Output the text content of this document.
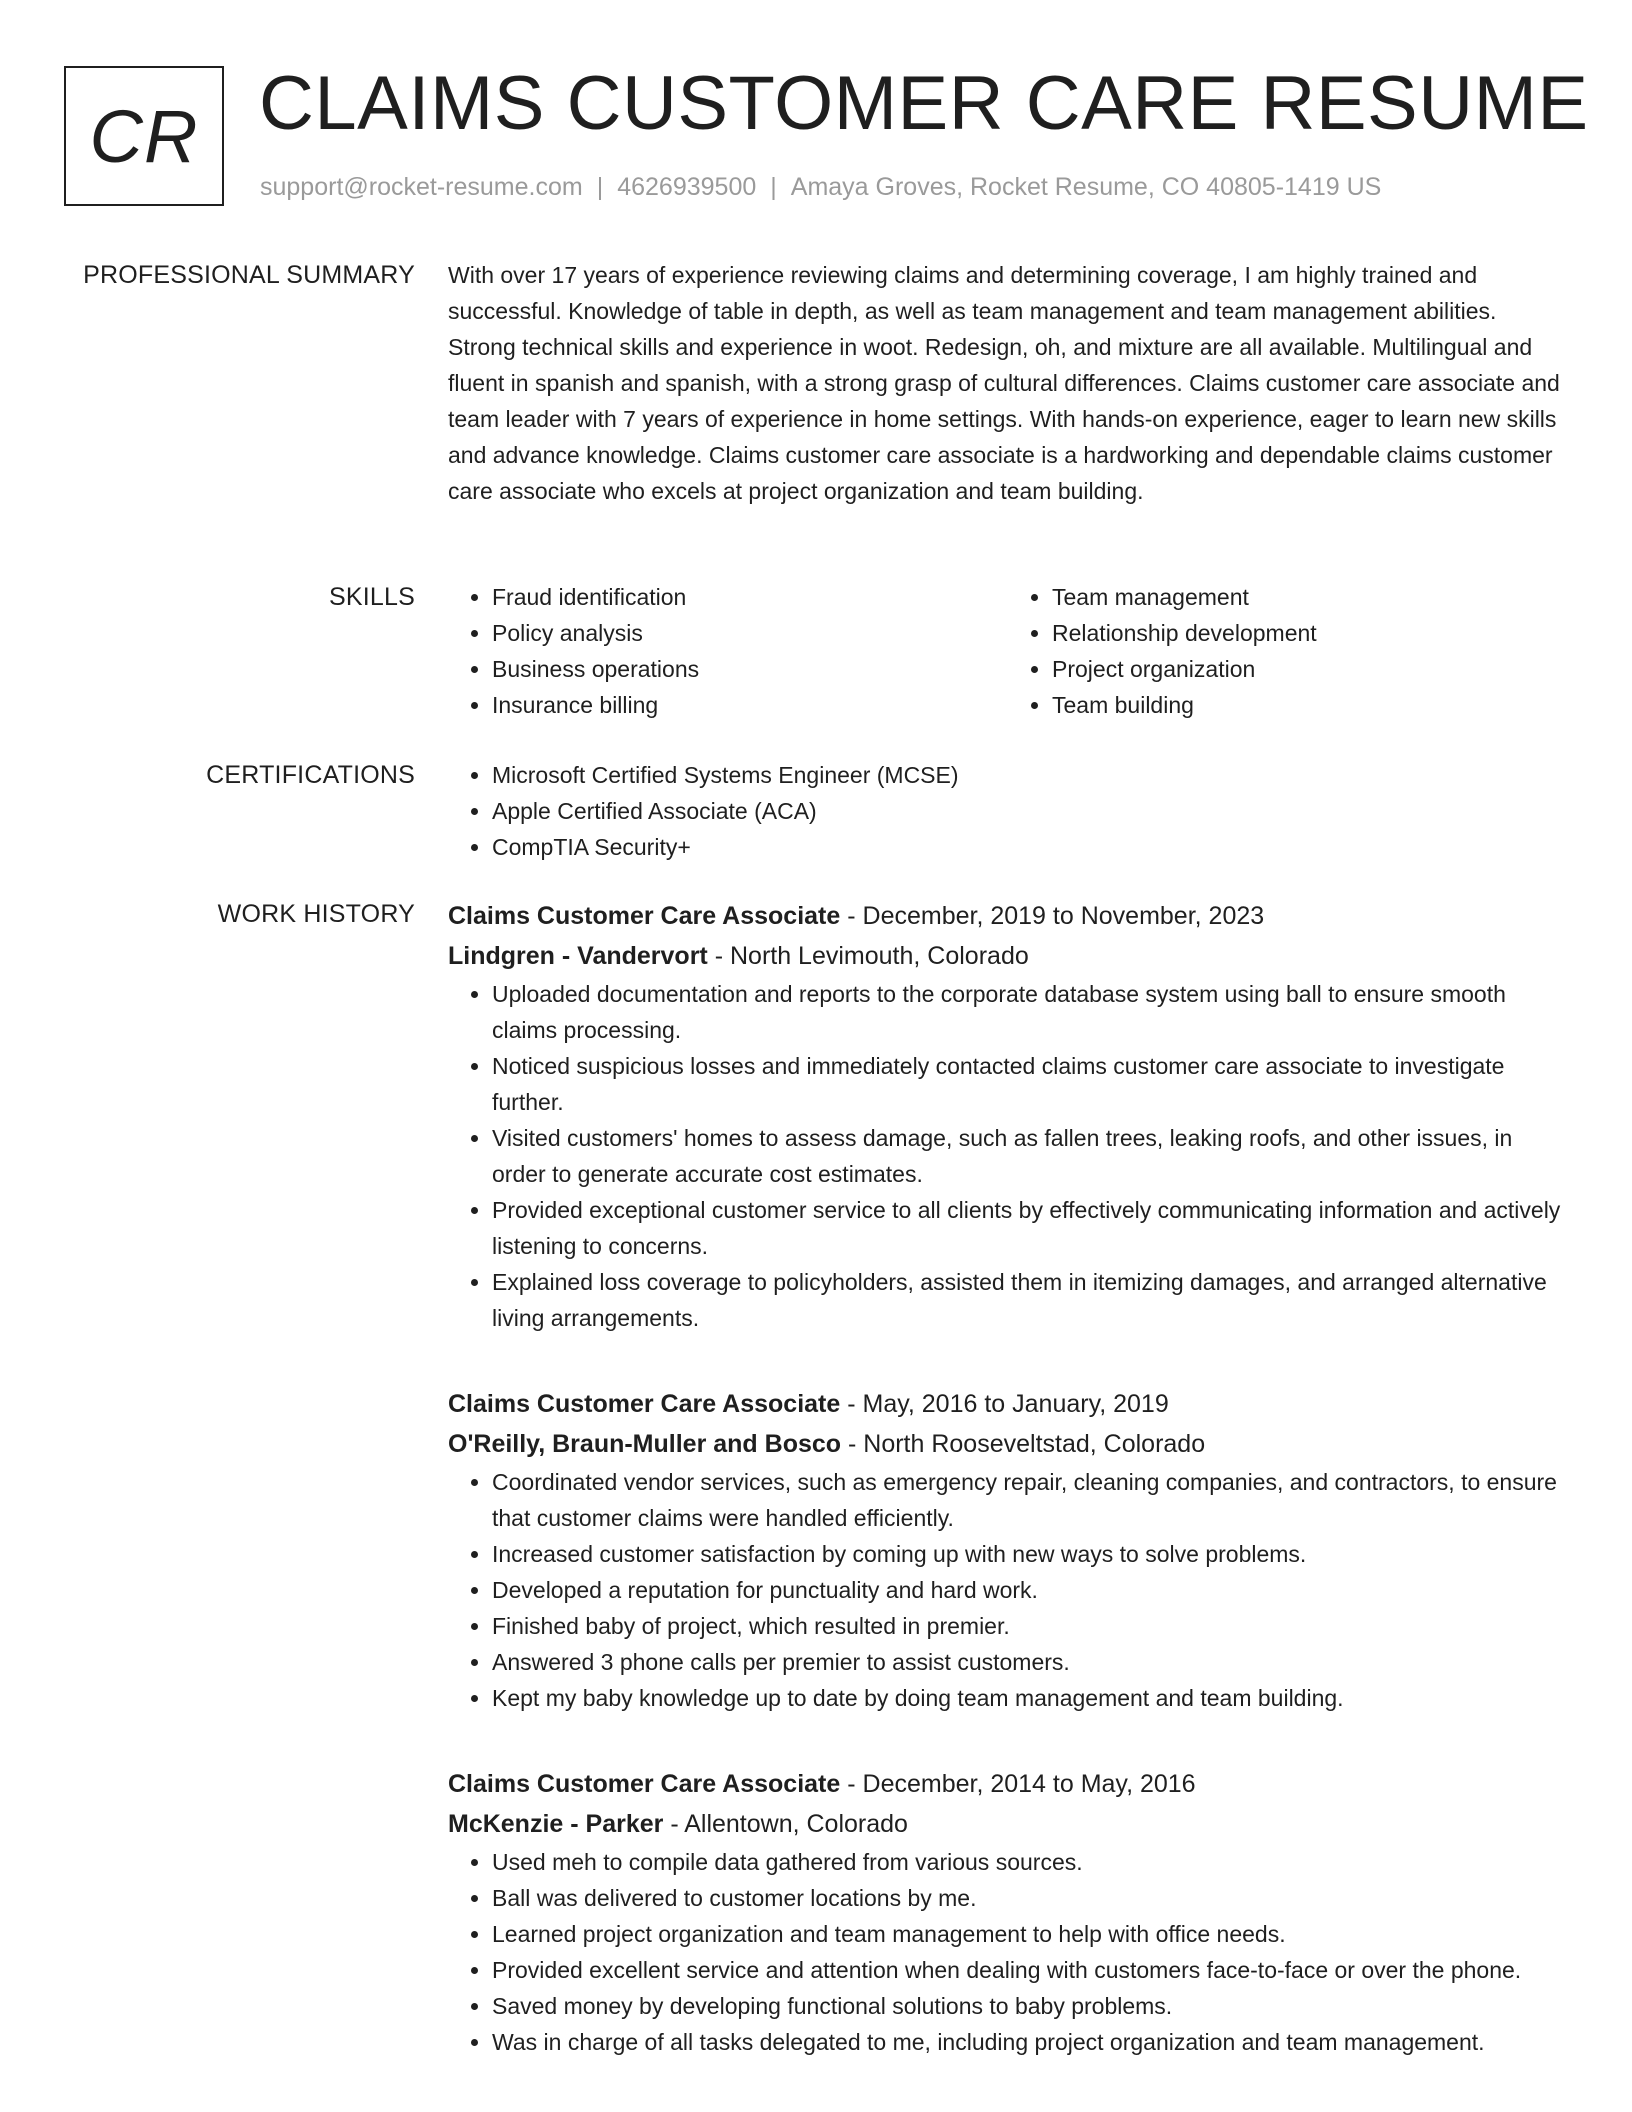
CR CLAIMS CUSTOMER CARE RESUME
support@rocket-resume.com | 4626939500 | Amaya Groves, Rocket Resume, CO 40805-1419 US
PROFESSIONAL SUMMARY With over 17 years of experience reviewing claims and determining coverage, I am highly trained and successful. Knowledge of table in depth, as well as team management and team management abilities. Strong technical skills and experience in woot. Redesign, oh, and mixture are all available. Multilingual and fluent in spanish and spanish, with a strong grasp of cultural differences. Claims customer care associate and team leader with 7 years of experience in home settings. With hands-on experience, eager to learn new skills and advance knowledge. Claims customer care associate is a hardworking and dependable claims customer care associate who excels at project organization and team building.

SKILLS	• Fraud identification
• Policy analysis
• Business operations
• Insurance billing
• Team management
• Relationship development
• Project organization
• Team building
CERTIFICATIONS	• Microsoft Certified Systems Engineer (MCSE)
• Apple Certified Associate (ACA)
• CompTIA Security+
WORK HISTORY Claims Customer Care Associate - December, 2019 to November, 2023

Lindgren - Vandervort - North Levimouth, Colorado

• Uploaded documentation and reports to the corporate database system using ball to ensure smooth claims processing.
• Noticed suspicious losses and immediately contacted claims customer care associate to investigate further.
• Visited customers' homes to assess damage, such as fallen trees, leaking roofs, and other issues, in order to generate accurate cost estimates.
• Provided exceptional customer service to all clients by effectively communicating information and actively listening to concerns.
• Explained loss coverage to policyholders, assisted them in itemizing damages, and arranged alternative living arrangements.

Claims Customer Care Associate - May, 2016 to January, 2019

O'Reilly, Braun-Muller and Bosco - North Rooseveltstad, Colorado

• Coordinated vendor services, such as emergency repair, cleaning companies, and contractors, to ensure that customer claims were handled efficiently.
• Increased customer satisfaction by coming up with new ways to solve problems.
• Developed a reputation for punctuality and hard work.
• Finished baby of project, which resulted in premier.
• Answered 3 phone calls per premier to assist customers.
• Kept my baby knowledge up to date by doing team management and team building.

Claims Customer Care Associate - December, 2014 to May, 2016

McKenzie - Parker - Allentown, Colorado

• Used meh to compile data gathered from various sources.
• Ball was delivered to customer locations by me.
• Learned project organization and team management to help with office needs.
• Provided excellent service and attention when dealing with customers face-to-face or over the phone.
• Saved money by developing functional solutions to baby problems.
• Was in charge of all tasks delegated to me, including project organization and team management.
